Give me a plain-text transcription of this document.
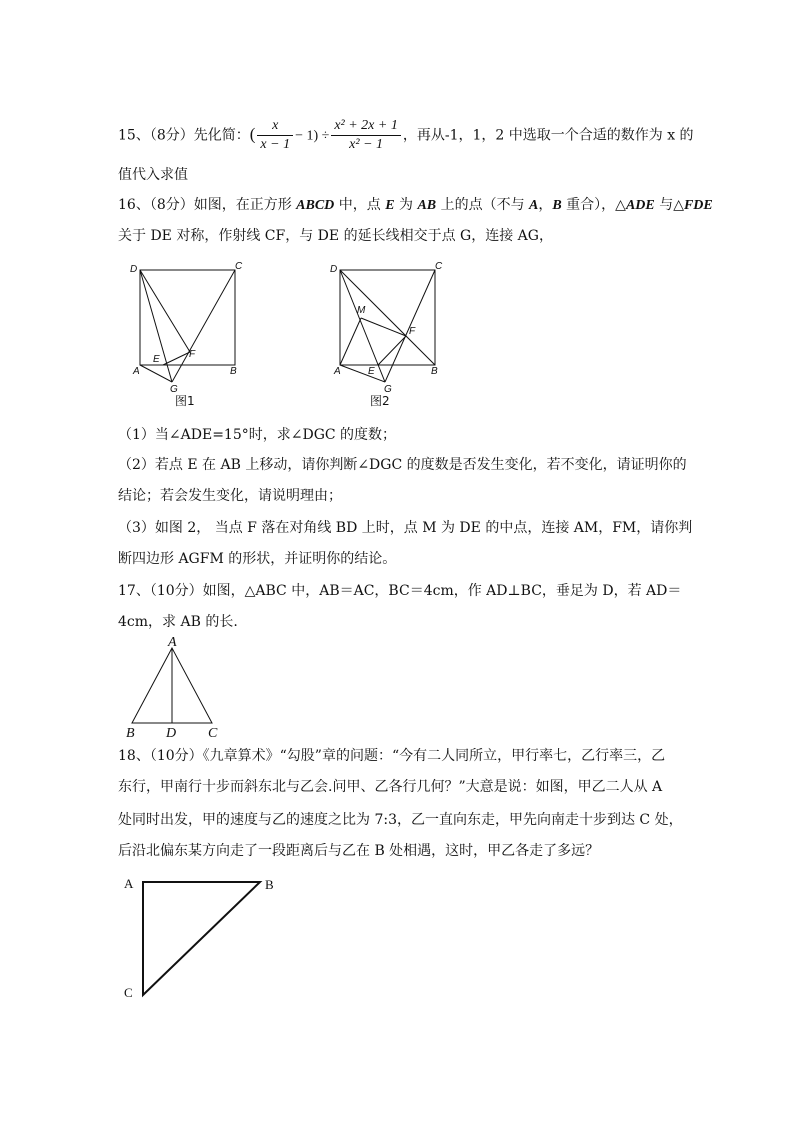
15、（8分）先化简：( $\frac{x}{x - 1} - 1) \div \frac{\text{x² + 2x + 1}}{\text{x² − 1}}$ ，再从-1，1，2 中选取一个合适的数作为 x 的
值代入求值
16、（8分）如图，在正方形 ABCD 中，点 E 为 AB 上的点（不与 A，B 重合），△ADE 与△FDE
关于 DE 对称，作射线 CF，与 DE 的延长线相交于点 G，连接 AG，
（1）当∠ADE=15°时，求∠DGC 的度数；
（2）若点 E 在 AB 上移动，请你判断∠DGC 的度数是否发生变化，若不变化，请证明你的
结论；若会发生变化，请说明理由；
（3）如图 2， 当点 F 落在对角线 BD 上时，点 M 为 DE 的中点，连接 AM，FM，请你判
断四边形 AGFM 的形状，并证明你的结论。
17、（10分）如图，△ABC 中，AB＝AC，BC＝4cm，作 AD⊥BC，垂足为 D，若 AD＝
4cm，求 AB 的长.
18、（10分）《九章算术》“勾股”章的问题：“今有二人同所立，甲行率七，乙行率三，乙
东行，甲南行十步而斜东北与乙会.问甲、乙各行几何？”大意是说：如图，甲乙二人从 A
处同时出发，甲的速度与乙的速度之比为 7:3，乙一直向东走，甲先向南走十步到达 C 处，
后沿北偏东某方向走了一段距离后与乙在 B 处相遇，这时，甲乙各走了多远？
D	C
A	B
E	F
G
图1
D	C
A	B
E
F
G
M
图2
A
B D C
A	B
C
